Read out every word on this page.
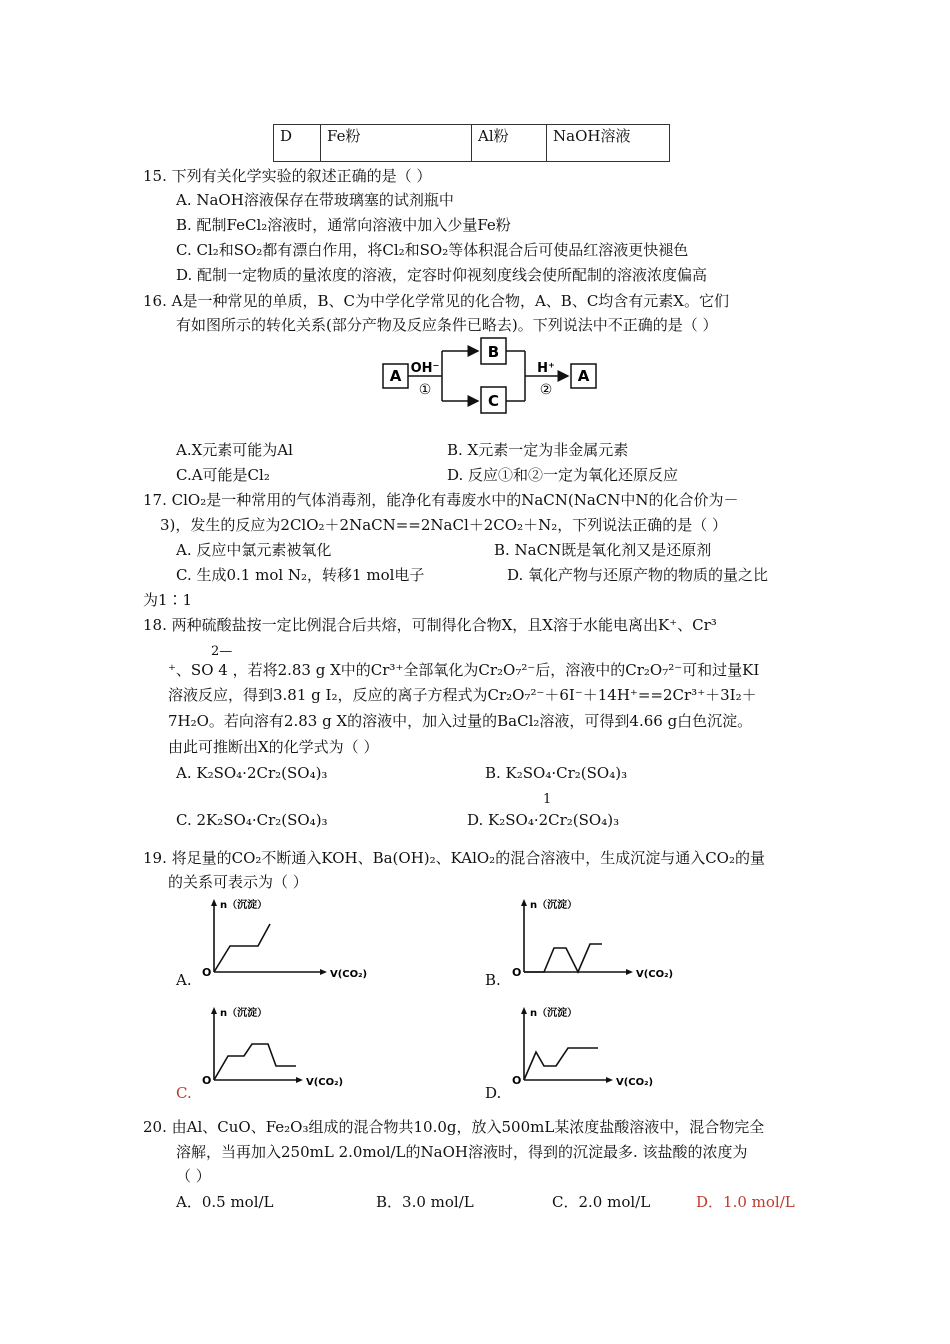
D	Fe粉	Al粉	NaOH溶液
15. 下列有关化学实验的叙述正确的是（ ）
A. NaOH溶液保存在带玻璃塞的试剂瓶中
B. 配制FeCl₂溶液时，通常向溶液中加入少量Fe粉
C. Cl₂和SO₂都有漂白作用，将Cl₂和SO₂等体积混合后可使品红溶液更快褪色
D. 配制一定物质的量浓度的溶液，定容时仰视刻度线会使所配制的溶液浓度偏高
16. A是一种常见的单质，B、C为中学化学常见的化合物，A、B、C均含有元素X。它们
有如图所示的转化关系(部分产物及反应条件已略去)。下列说法中不正确的是（ ）
A OH⁻
①
B
C
H⁺
②
A
A.X元素可能为Al	B. X元素一定为非金属元素
C.A可能是Cl₂	D. 反应①和②一定为氧化还原反应
17. ClO₂是一种常用的气体消毒剂，能净化有毒废水中的NaCN(NaCN中N的化合价为－
3)，发生的反应为2ClO₂＋2NaCN==2NaCl＋2CO₂＋N₂，下列说法正确的是（ ）
A. 反应中氯元素被氧化	B. NaCN既是氧化剂又是还原剂
C. 生成0.1 mol N₂，转移1 mol电子	D. 氧化产物与还原产物的物质的量之比
为1∶1
18. 两种硫酸盐按一定比例混合后共熔，可制得化合物X，且X溶于水能电离出K⁺、Cr³
2—
⁺、SO 4 ，若将2.83 g X中的Cr³⁺全部氧化为Cr₂O₇²⁻后，溶液中的Cr₂O₇²⁻可和过量KI
溶液反应，得到3.81 g I₂，反应的离子方程式为Cr₂O₇²⁻＋6I⁻＋14H⁺==2Cr³⁺＋3I₂＋
7H₂O。若向溶有2.83 g X的溶液中，加入过量的BaCl₂溶液，可得到4.66 g白色沉淀。
由此可推断出X的化学式为（ ）
A. K₂SO₄·2Cr₂(SO₄)₃	B. K₂SO₄·Cr₂(SO₄)₃
1
C. 2K₂SO₄·Cr₂(SO₄)₃	D. K₂SO₄·2Cr₂(SO₄)₃
19. 将足量的CO₂不断通入KOH、Ba(OH)₂、KAlO₂的混合溶液中，生成沉淀与通入CO₂的量
的关系可表示为（ ）
A.	B.
C.	D.
O
n（沉淀）
V(CO₂)	O
n（沉淀）
V(CO₂)
O
n（沉淀）
V(CO₂)	O
n（沉淀）
V(CO₂)
20. 由Al、CuO、Fe₂O₃组成的混合物共10.0g，放入500mL某浓度盐酸溶液中，混合物完全
溶解，当再加入250mL 2.0mol/L的NaOH溶液时，得到的沉淀最多. 该盐酸的浓度为
（ ）
A．0.5 mol/L	B．3.0 mol/L	C．2.0 mol/L	D．1.0 mol/L
